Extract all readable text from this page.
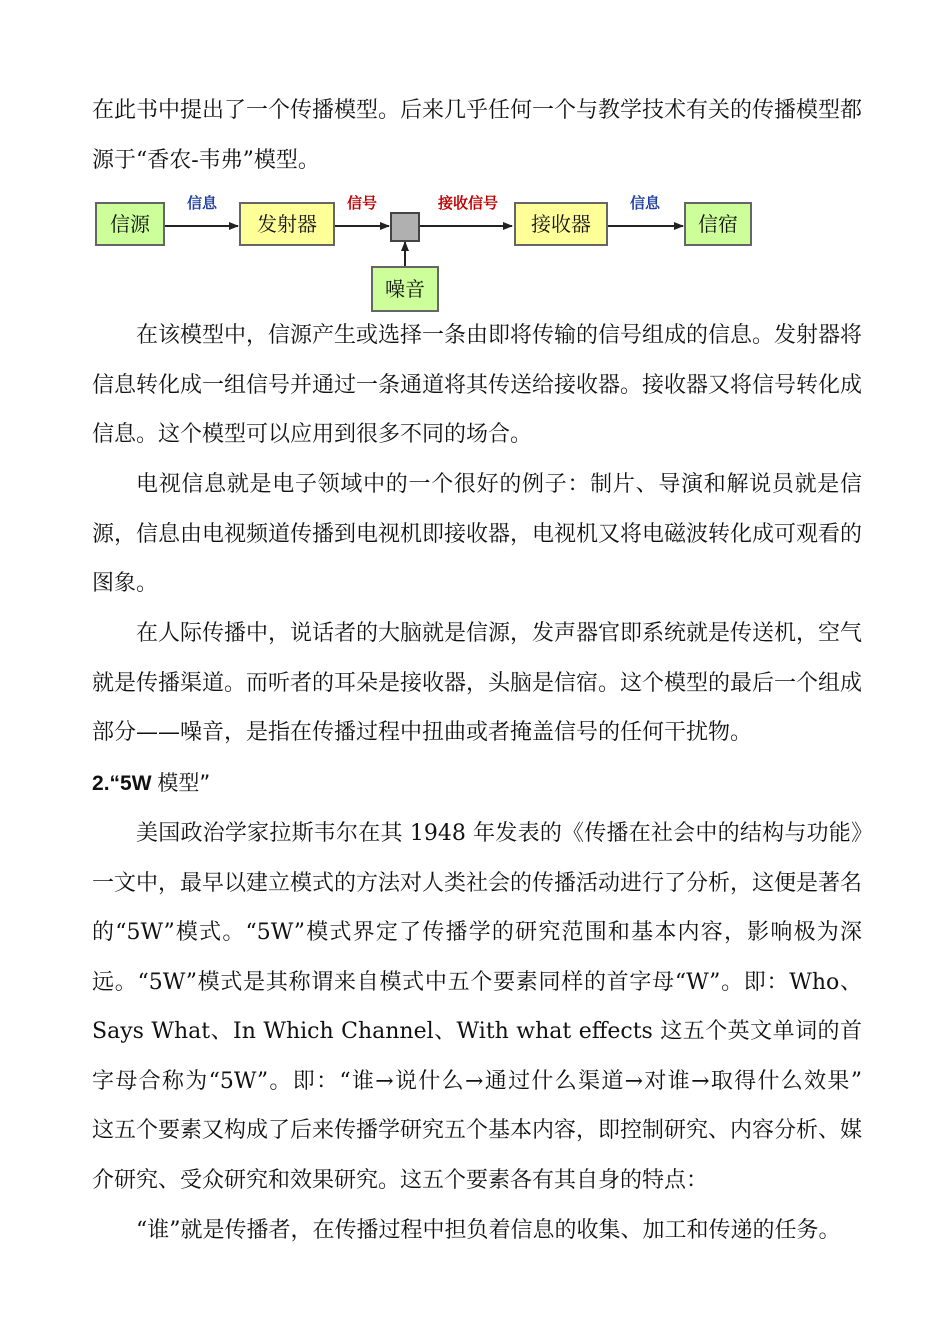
在此书中提出了一个传播模型。后来几乎任何一个与教学技术有关的传播模型都源于“香农-韦弗”模型。

信源	发射器	接收器	信宿
噪音
信息	信号	接收信号	信息

在该模型中，信源产生或选择一条由即将传输的信号组成的信息。发射器将信息转化成一组信号并通过一条通道将其传送给接收器。接收器又将信号转化成信息。这个模型可以应用到很多不同的场合。

电视信息就是电子领域中的一个很好的例子：制片、导演和解说员就是信源，信息由电视频道传播到电视机即接收器，电视机又将电磁波转化成可观看的图象。

在人际传播中，说话者的大脑就是信源，发声器官即系统就是传送机，空气就是传播渠道。而听者的耳朵是接收器，头脑是信宿。这个模型的最后一个组成部分——噪音，是指在传播过程中扭曲或者掩盖信号的任何干扰物。

2.“5W 模型”

美国政治学家拉斯韦尔在其 1948 年发表的《传播在社会中的结构与功能》一文中，最早以建立模式的方法对人类社会的传播活动进行了分析，这便是著名的“5W”模式。“5W”模式界定了传播学的研究范围和基本内容，影响极为深远。“5W”模式是其称谓来自模式中五个要素同样的首字母“W”。即：Who、Says What、In Which Channel、With what effects 这五个英文单词的首字母合称为“5W”。即：“谁→说什么→通过什么渠道→对谁→取得什么效果”　这五个要素又构成了后来传播学研究五个基本内容，即控制研究、内容分析、媒介研究、受众研究和效果研究。这五个要素各有其自身的特点：

“谁”就是传播者，在传播过程中担负着信息的收集、加工和传递的任务。
